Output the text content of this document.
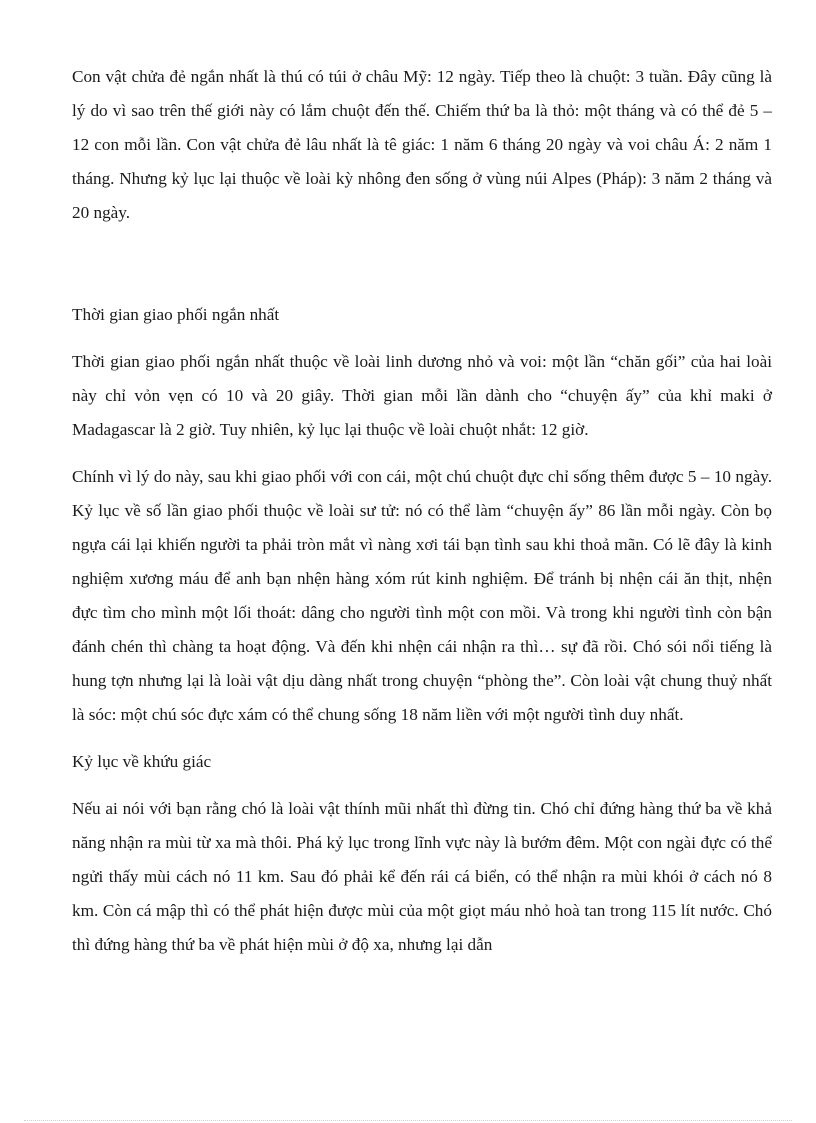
Con vật chửa đẻ ngắn nhất là thú có túi ở châu Mỹ: 12 ngày. Tiếp theo là chuột: 3 tuần. Đây cũng là lý do vì sao trên thế giới này có lắm chuột đến thế. Chiếm thứ ba là thỏ: một tháng và có thể đẻ 5 – 12 con mỗi lần. Con vật chửa đẻ lâu nhất là tê giác: 1 năm 6 tháng 20 ngày và voi châu Á: 2 năm 1 tháng. Nhưng kỷ lục lại thuộc về loài kỳ nhông đen sống ở vùng núi Alpes (Pháp): 3 năm 2 tháng và 20 ngày.

Thời gian giao phối ngắn nhất

Thời gian giao phối ngắn nhất thuộc về loài linh dương nhỏ và voi: một lần “chăn gối” của hai loài này chỉ vỏn vẹn có 10 và 20 giây. Thời gian mỗi lần dành cho “chuyện ấy” của khỉ maki ở Madagascar là 2 giờ. Tuy nhiên, kỷ lục lại thuộc về loài chuột nhắt: 12 giờ.

Chính vì lý do này, sau khi giao phối với con cái, một chú chuột đực chỉ sống thêm được 5 – 10 ngày. Kỷ lục về số lần giao phối thuộc về loài sư tử: nó có thể làm “chuyện ấy” 86 lần mỗi ngày. Còn bọ ngựa cái lại khiến người ta phải tròn mắt vì nàng xơi tái bạn tình sau khi thoả mãn. Có lẽ đây là kinh nghiệm xương máu để anh bạn nhện hàng xóm rút kinh nghiệm. Để tránh bị nhện cái ăn thịt, nhện đực tìm cho mình một lối thoát: dâng cho người tình một con mồi. Và trong khi người tình còn bận đánh chén thì chàng ta hoạt động. Và đến khi nhện cái nhận ra thì… sự đã rồi. Chó sói nổi tiếng là hung tợn nhưng lại là loài vật dịu dàng nhất trong chuyện “phòng the”. Còn loài vật chung thuỷ nhất là sóc: một chú sóc đực xám có thể chung sống 18 năm liền với một người tình duy nhất.

Kỷ lục về khứu giác

Nếu ai nói với bạn rằng chó là loài vật thính mũi nhất thì đừng tin. Chó chỉ đứng hàng thứ ba về khả năng nhận ra mùi từ xa mà thôi. Phá kỷ lục trong lĩnh vực này là bướm đêm. Một con ngài đực có thể ngửi thấy mùi cách nó 11 km. Sau đó phải kể đến rái cá biển, có thể nhận ra mùi khói ở cách nó 8 km. Còn cá mập thì có thể phát hiện được mùi của một giọt máu nhỏ hoà tan trong 115 lít nước. Chó thì đứng hàng thứ ba về phát hiện mùi ở độ xa, nhưng lại dẫn
